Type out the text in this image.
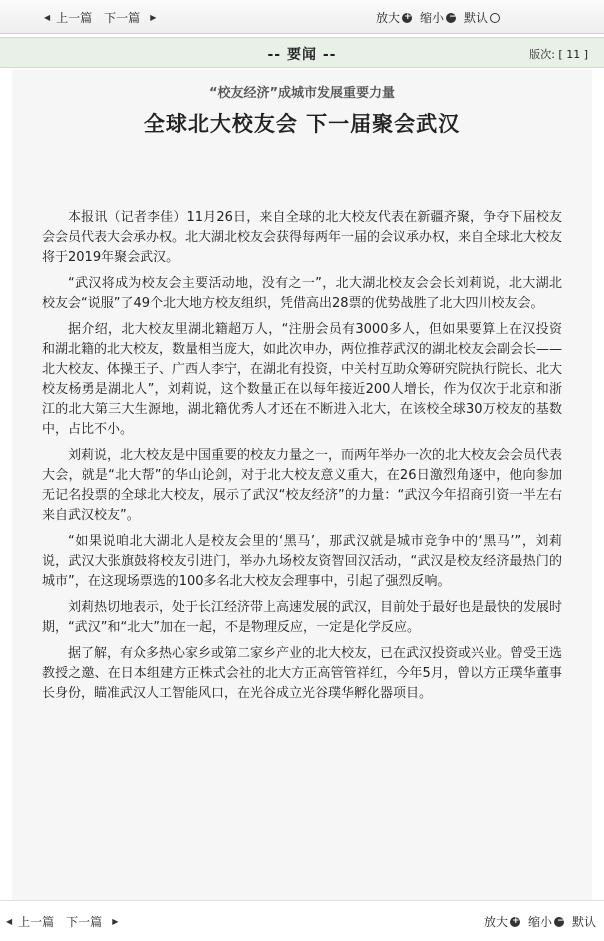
◀ 上一篇 下一篇 ▶	放大 + 缩小 − 默认
-- 要闻 --	版次: [ 11 ]
“校友经济”成城市发展重要力量
全球北大校友会 下一届聚会武汉

本报讯（记者李佳）11月26日，来自全球的北大校友代表在新疆齐聚，争夺下届校友会会员代表大会承办权。北大湖北校友会获得每两年一届的会议承办权，来自全球北大校友将于2019年聚会武汉。

“武汉将成为校友会主要活动地，没有之一”，北大湖北校友会会长刘莉说，北大湖北校友会“说服”了49个北大地方校友组织，凭借高出28票的优势战胜了北大四川校友会。

据介绍，北大校友里湖北籍超万人，“注册会员有3000多人，但如果要算上在汉投资和湖北籍的北大校友，数量相当庞大，如此次申办，两位推荐武汉的湖北校友会副会长——北大校友、体操王子、广西人李宁，在湖北有投资，中关村互助众筹研究院执行院长、北大校友杨勇是湖北人”，刘莉说，这个数量正在以每年接近200人增长，作为仅次于北京和浙江的北大第三大生源地，湖北籍优秀人才还在不断进入北大，在该校全球30万校友的基数中，占比不小。

刘莉说，北大校友是中国重要的校友力量之一，而两年举办一次的北大校友会会员代表大会，就是“北大帮”的华山论剑，对于北大校友意义重大，在26日激烈角逐中，他向参加无记名投票的全球北大校友，展示了武汉“校友经济”的力量：“武汉今年招商引资一半左右来自武汉校友”。

“如果说咱北大湖北人是校友会里的‘黑马’，那武汉就是城市竞争中的‘黑马’”，刘莉说，武汉大张旗鼓将校友引进门，举办九场校友资智回汉活动，“武汉是校友经济最热门的城市”，在这现场票选的100多名北大校友会理事中，引起了强烈反响。

刘莉热切地表示，处于长江经济带上高速发展的武汉，目前处于最好也是最快的发展时期，“武汉”和“北大”加在一起，不是物理反应，一定是化学反应。

据了解，有众多热心家乡或第二家乡产业的北大校友，已在武汉投资或兴业。曾受王选教授之邀、在日本组建方正株式会社的北大方正高管管祥红，今年5月，曾以方正璞华董事长身份，瞄准武汉人工智能风口，在光谷成立光谷璞华孵化器项目。

◀ 上一篇 下一篇 ▶	放大 + 缩小 − 默认
